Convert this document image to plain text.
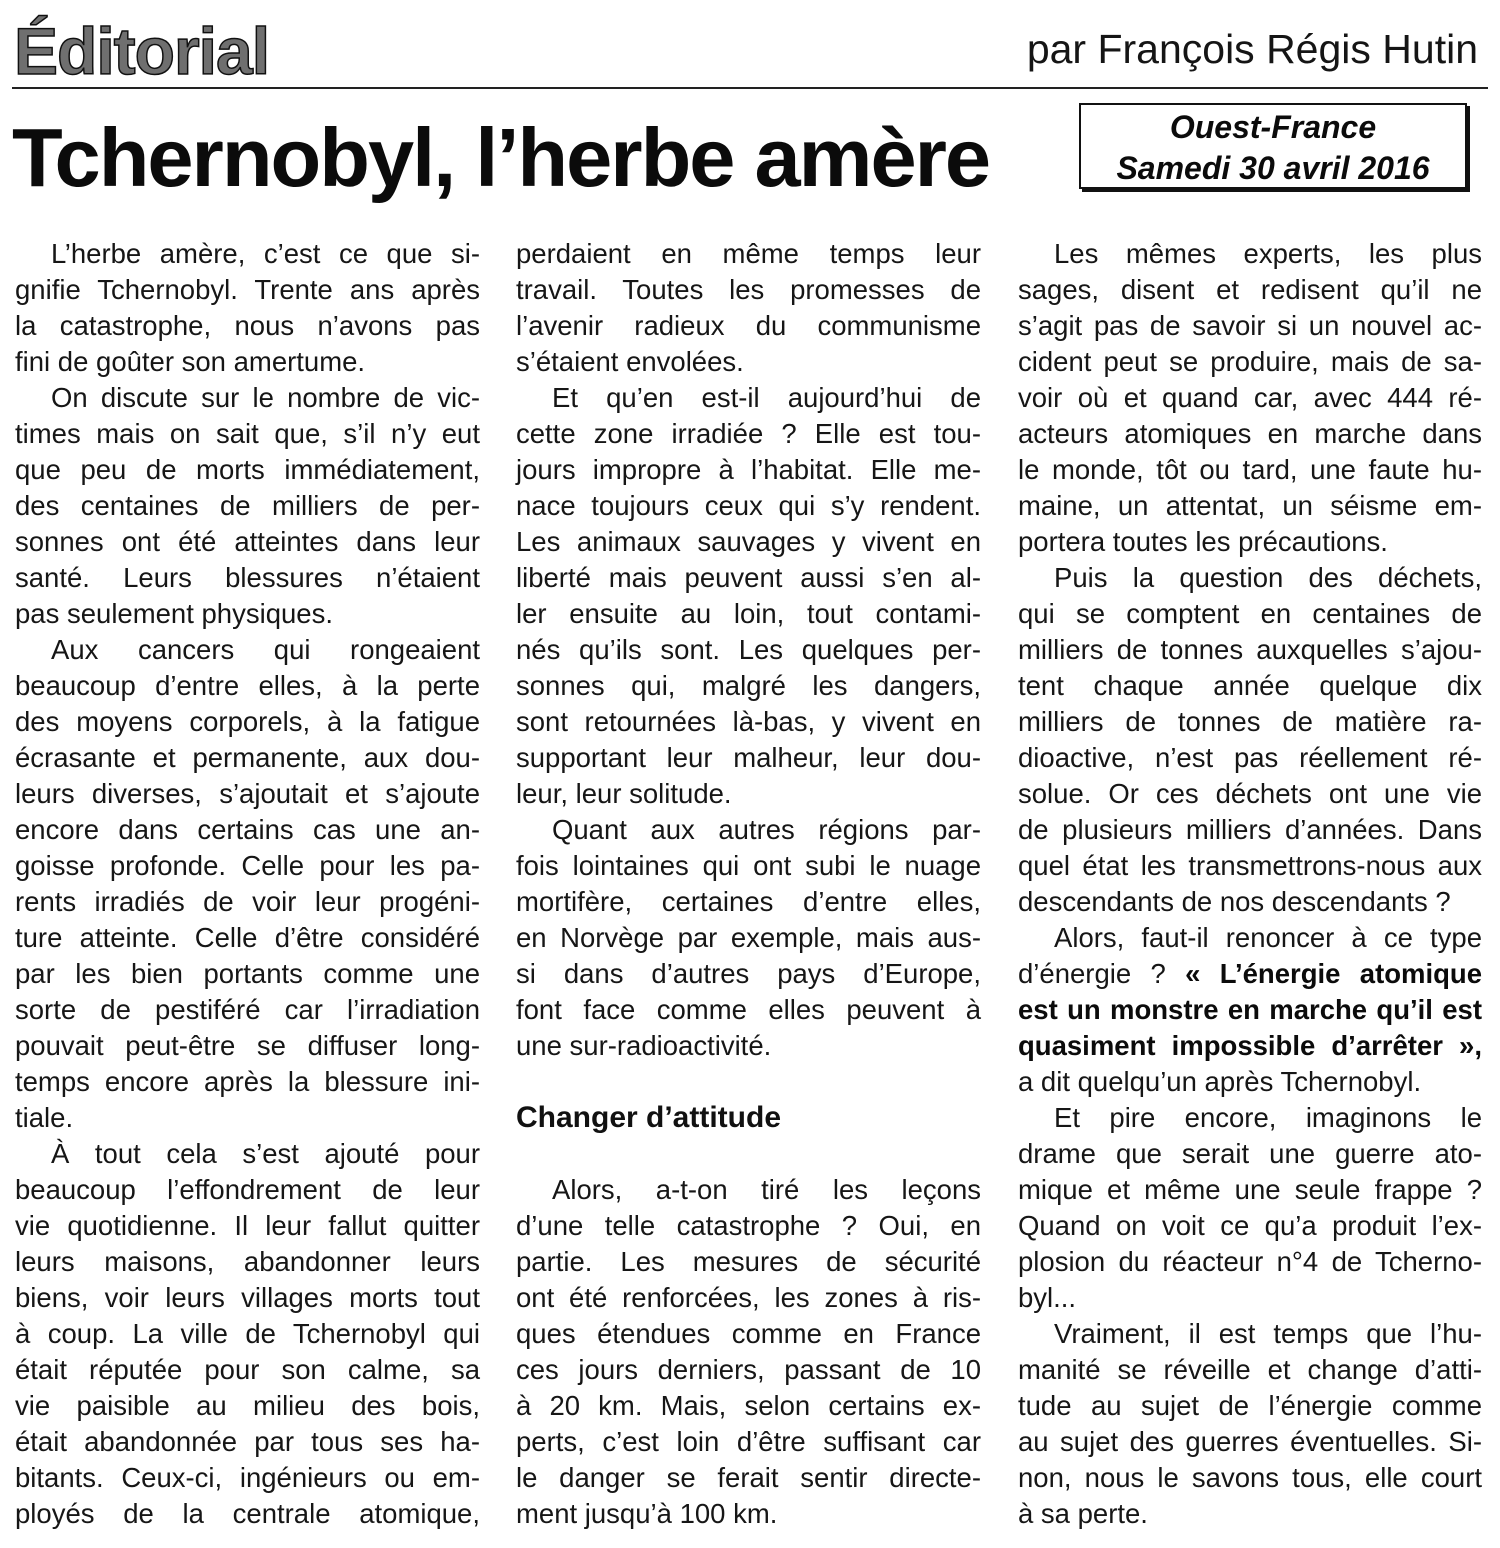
Éditorial	par François Régis Hutin
Tchernobyl, l’herbe amère	Ouest-France
Samedi 30 avril 2016
L’herbe amère, c’est ce que si-
gnifie Tchernobyl. Trente ans après
la catastrophe, nous n’avons pas
fini de goûter son amertume.
On discute sur le nombre de vic-
times mais on sait que, s’il n’y eut
que peu de morts immédiatement,
des centaines de milliers de per-
sonnes ont été atteintes dans leur
santé. Leurs blessures n’étaient
pas seulement physiques.
Aux cancers qui rongeaient
beaucoup d’entre elles, à la perte
des moyens corporels, à la fatigue
écrasante et permanente, aux dou-
leurs diverses, s’ajoutait et s’ajoute
encore dans certains cas une an-
goisse profonde. Celle pour les pa-
rents irradiés de voir leur progéni-
ture atteinte. Celle d’être considéré
par les bien portants comme une
sorte de pestiféré car l’irradiation
pouvait peut-être se diffuser long-
temps encore après la blessure ini-
tiale.
À tout cela s’est ajouté pour
beaucoup l’effondrement de leur
vie quotidienne. Il leur fallut quitter
leurs maisons, abandonner leurs
biens, voir leurs villages morts tout
à coup. La ville de Tchernobyl qui
était réputée pour son calme, sa
vie paisible au milieu des bois,
était abandonnée par tous ses ha-
bitants. Ceux-ci, ingénieurs ou em-
ployés de la centrale atomique,
perdaient en même temps leur
travail. Toutes les promesses de
l’avenir radieux du communisme
s’étaient envolées.
Et qu’en est-il aujourd’hui de
cette zone irradiée ? Elle est tou-
jours impropre à l’habitat. Elle me-
nace toujours ceux qui s’y rendent.
Les animaux sauvages y vivent en
liberté mais peuvent aussi s’en al-
ler ensuite au loin, tout contami-
nés qu’ils sont. Les quelques per-
sonnes qui, malgré les dangers,
sont retournées là-bas, y vivent en
supportant leur malheur, leur dou-
leur, leur solitude.
Quant aux autres régions par-
fois lointaines qui ont subi le nuage
mortifère, certaines d’entre elles,
en Norvège par exemple, mais aus-
si dans d’autres pays d’Europe,
font face comme elles peuvent à
une sur-radioactivité.
Changer d’attitude
Alors, a-t-on tiré les leçons
d’une telle catastrophe ? Oui, en
partie. Les mesures de sécurité
ont été renforcées, les zones à ris-
ques étendues comme en France
ces jours derniers, passant de 10
à 20 km. Mais, selon certains ex-
perts, c’est loin d’être suffisant car
le danger se ferait sentir directe-
ment jusqu’à 100 km.
Les mêmes experts, les plus
sages, disent et redisent qu’il ne
s’agit pas de savoir si un nouvel ac-
cident peut se produire, mais de sa-
voir où et quand car, avec 444 ré-
acteurs atomiques en marche dans
le monde, tôt ou tard, une faute hu-
maine, un attentat, un séisme em-
portera toutes les précautions.
Puis la question des déchets,
qui se comptent en centaines de
milliers de tonnes auxquelles s’ajou-
tent chaque année quelque dix
milliers de tonnes de matière ra-
dioactive, n’est pas réellement ré-
solue. Or ces déchets ont une vie
de plusieurs milliers d’années. Dans
quel état les transmettrons-nous aux
descendants de nos descendants ?
Alors, faut-il renoncer à ce type
d’énergie ? « L’énergie atomique
est un monstre en marche qu’il est
quasiment impossible d’arrêter »,
a dit quelqu’un après Tchernobyl.
Et pire encore, imaginons le
drame que serait une guerre ato-
mique et même une seule frappe ?
Quand on voit ce qu’a produit l’ex-
plosion du réacteur n°4 de Tcherno-
byl...
Vraiment, il est temps que l’hu-
manité se réveille et change d’atti-
tude au sujet de l’énergie comme
au sujet des guerres éventuelles. Si-
non, nous le savons tous, elle court
à sa perte.
